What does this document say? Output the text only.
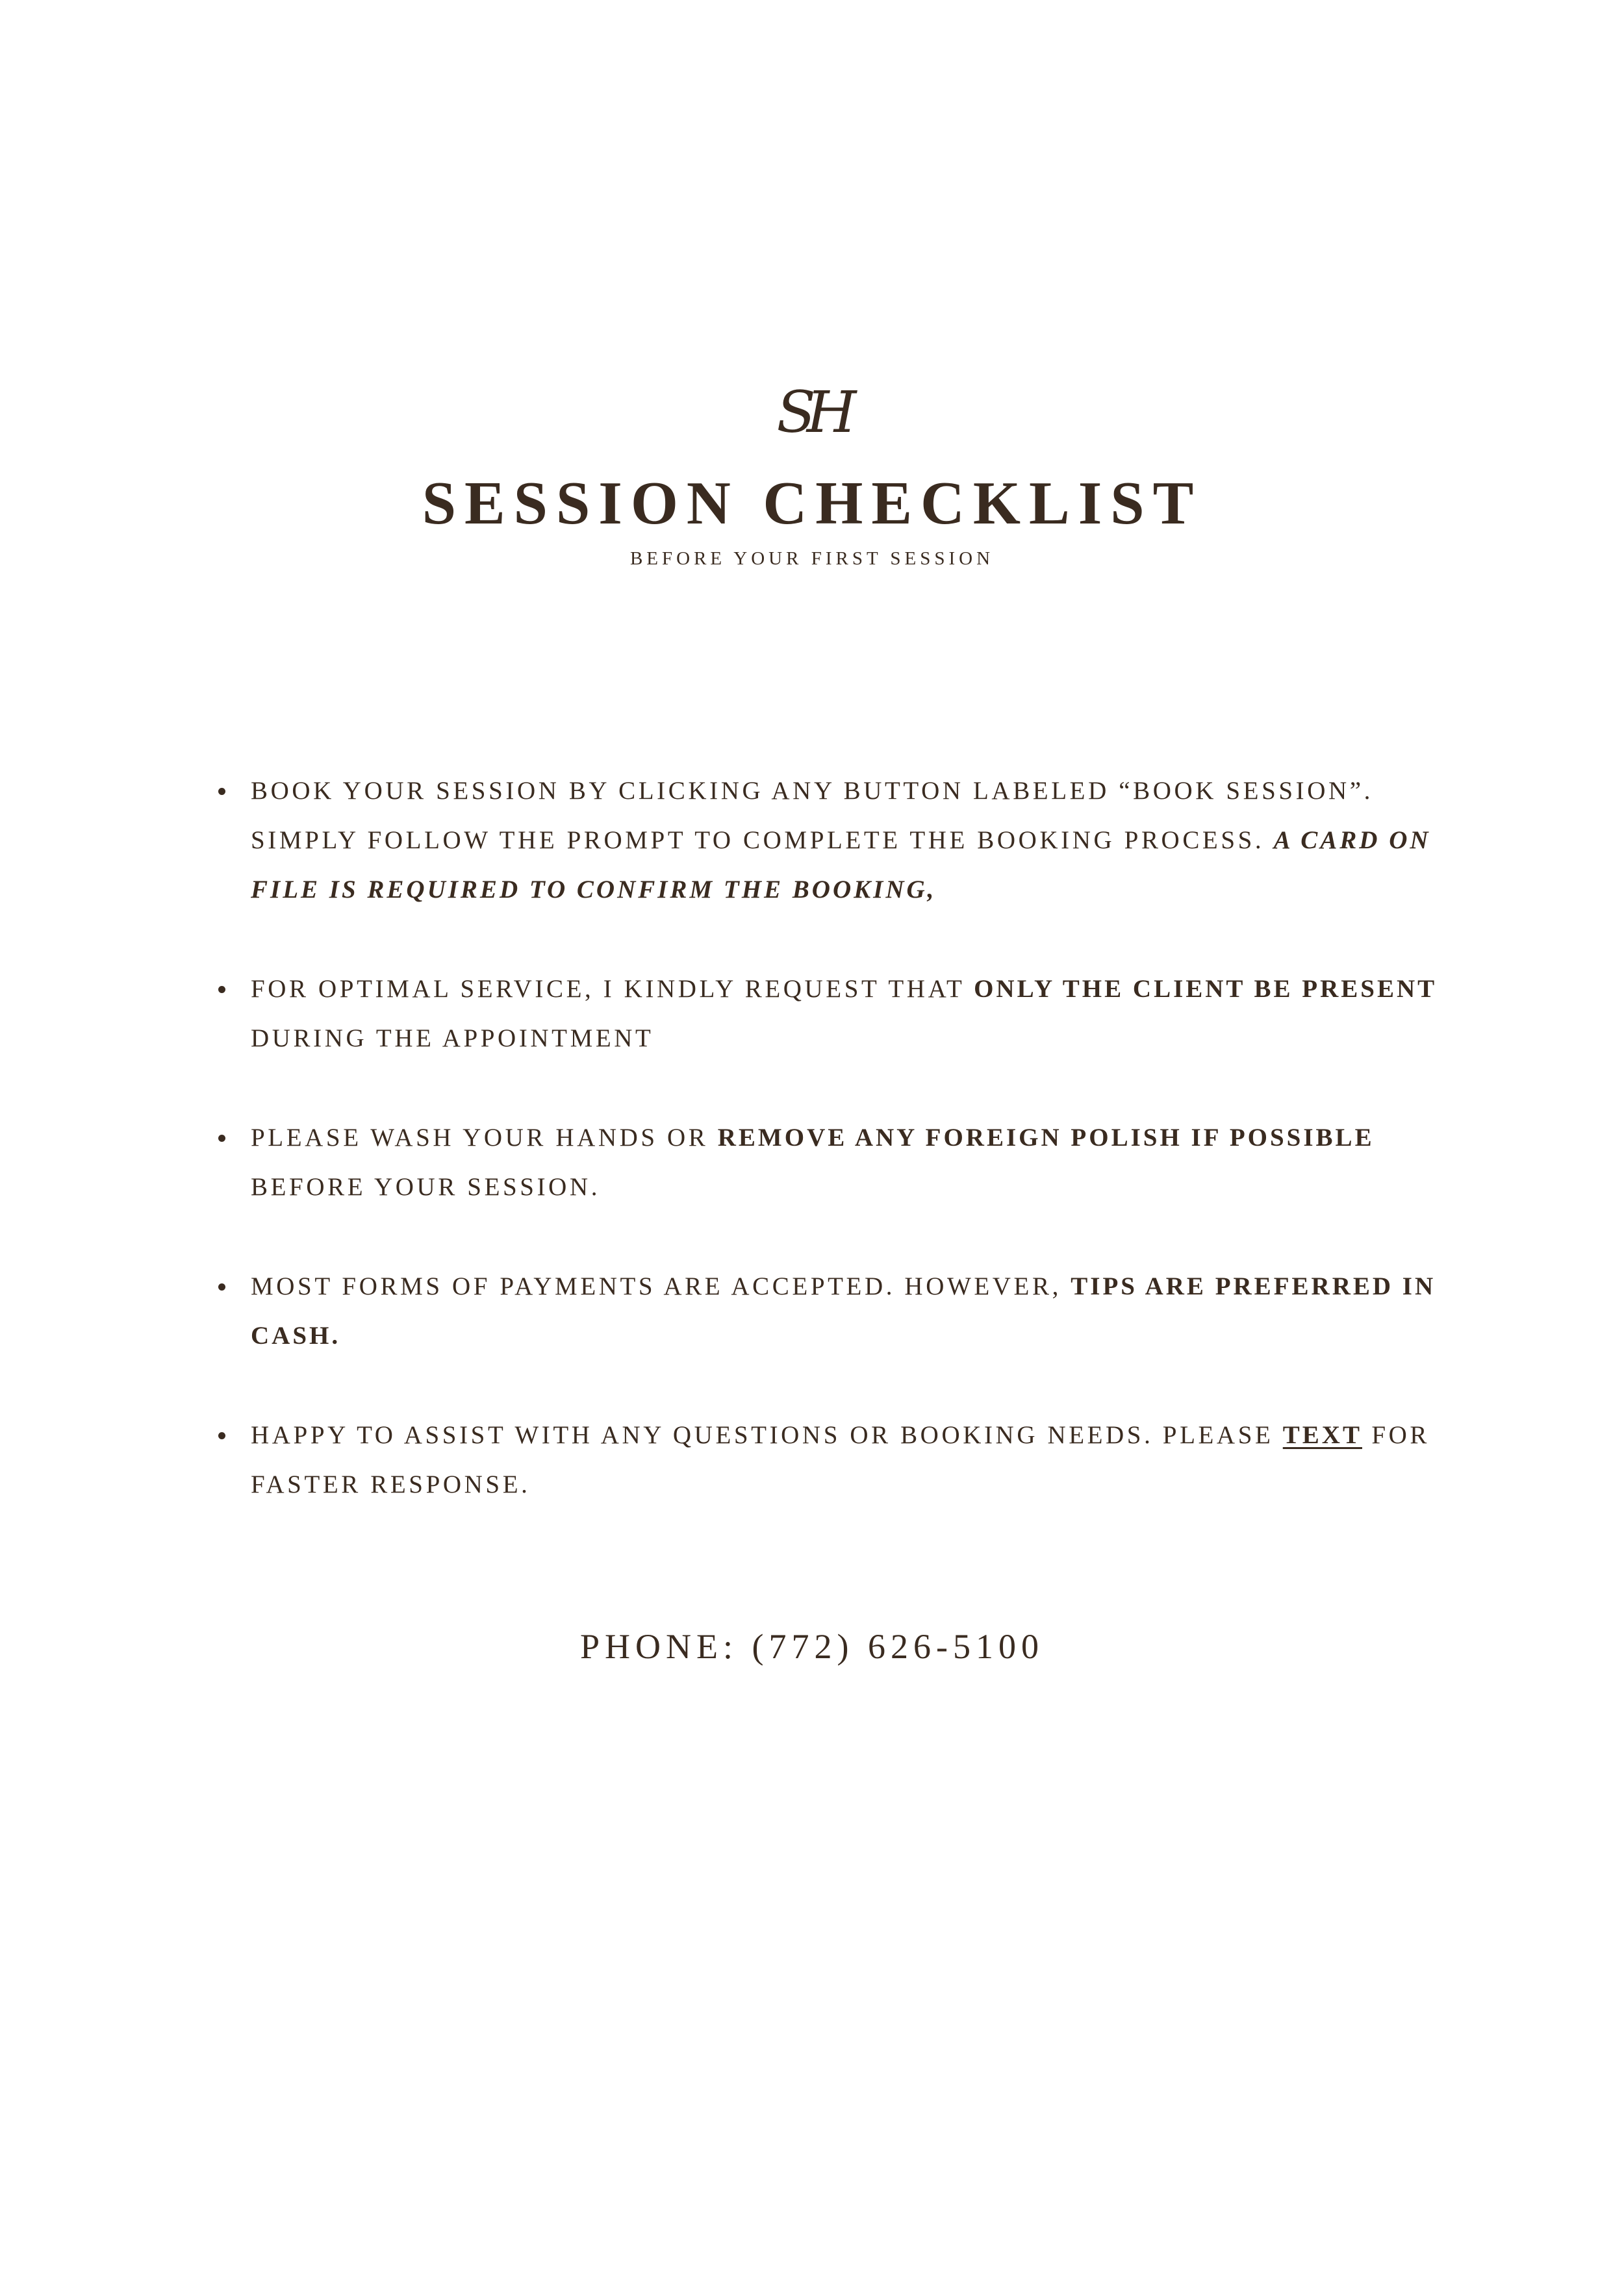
SH
SESSION CHECKLIST
BEFORE YOUR FIRST SESSION
BOOK YOUR SESSION BY CLICKING ANY BUTTON LABELED “BOOK SESSION”. SIMPLY FOLLOW THE PROMPT TO COMPLETE THE BOOKING PROCESS. A CARD ON FILE IS REQUIRED TO CONFIRM THE BOOKING,
FOR OPTIMAL SERVICE, I KINDLY REQUEST THAT ONLY THE CLIENT BE PRESENT DURING THE APPOINTMENT
PLEASE WASH YOUR HANDS OR REMOVE ANY FOREIGN POLISH IF POSSIBLE BEFORE YOUR SESSION.
MOST FORMS OF PAYMENTS ARE ACCEPTED. HOWEVER, TIPS ARE PREFERRED IN CASH.
HAPPY TO ASSIST WITH ANY QUESTIONS OR BOOKING NEEDS. PLEASE TEXT FOR FASTER RESPONSE.
PHONE: (772) 626-5100
